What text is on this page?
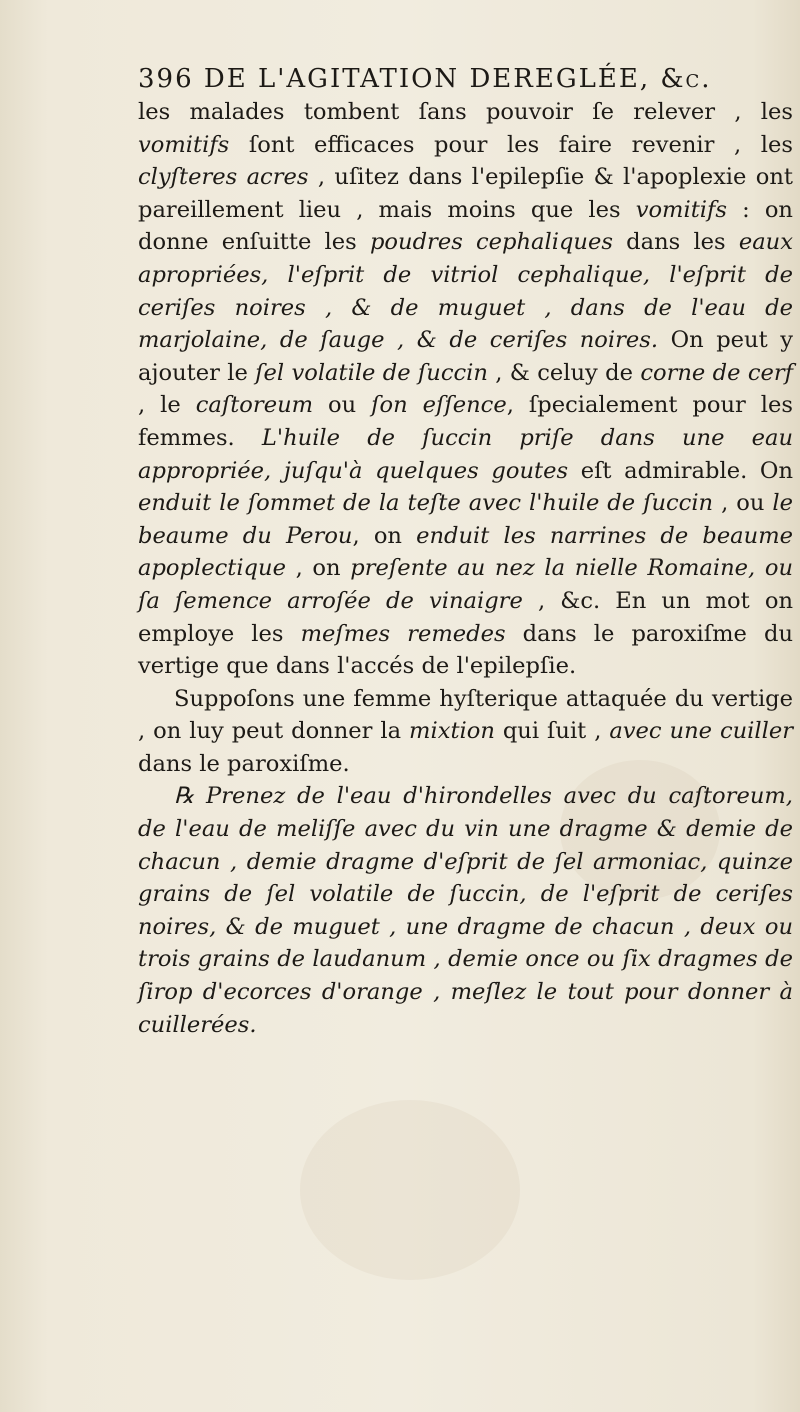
396 DE L'AGITATION DEREGLÉE, &c.

les malades tombent ſans pouvoir ſe relever , les vomitifs ſont efficaces pour les faire revenir , les clyſteres acres , uſitez dans l'epilepſie & l'apoplexie ont pareillement lieu , mais moins que les vomitifs : on donne enſuitte les poudres cephaliques dans les eaux apropriées, l'eſprit de vitriol cephalique, l'eſprit de ceriſes noires , & de muguet , dans de l'eau de marjolaine, de ſauge , & de ceriſes noires. On peut y ajouter le ſel volatile de ſuccin , & celuy de corne de cerf , le caſtoreum ou ſon eſſence, ſpecialement pour les femmes. L'huile de ſuccin priſe dans une eau appropriée, juſqu'à quelques goutes eſt admirable. On enduit le ſommet de la teſte avec l'huile de ſuccin , ou le beaume du Perou, on enduit les narrines de beaume apoplectique , on preſente au nez la nielle Romaine, ou ſa ſemence arroſée de vinaigre , &c. En un mot on employe les meſmes remedes dans le paroxiſme du vertige que dans l'accés de l'epilepſie.

Suppoſons une femme hyſterique attaquée du vertige , on luy peut donner la mixtion qui ſuit , avec une cuiller dans le paroxiſme.

℞ Prenez de l'eau d'hirondelles avec du caſtoreum, de l'eau de meliſſe avec du vin une dragme & demie de chacun , demie dragme d'eſprit de ſel armoniac, quinze grains de ſel volatile de ſuccin, de l'eſprit de ceriſes noires, & de muguet , une dragme de chacun , deux ou trois grains de laudanum , demie once ou ſix dragmes de ſirop d'ecorces d'orange , meſlez le tout pour donner à cuillerées.
